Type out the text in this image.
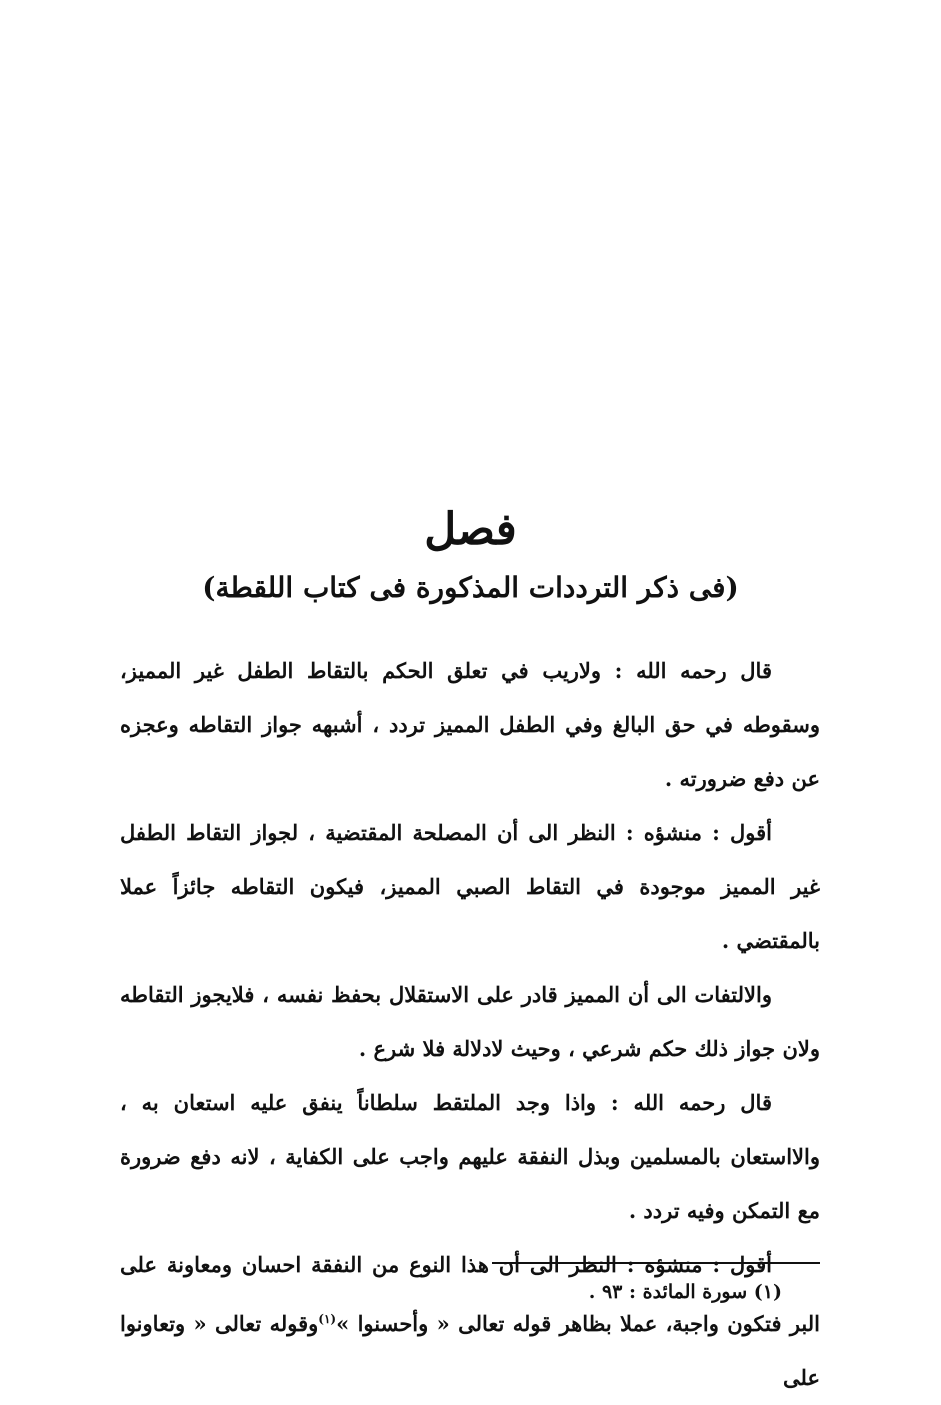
فصل
(فى ذكر الترددات المذكورة فى كتاب اللقطة)

قال رحمه الله : ولاريب في تعلق الحكم بالتقاط الطفل غير المميز، وسقوطه في حق البالغ وفي الطفل المميز تردد ، أشبهه جواز التقاطه وعجزه عن دفع ضرورته .

أقول : منشؤه : النظر الى أن المصلحة المقتضية ، لجواز التقاط الطفل غير المميز موجودة في التقاط الصبي المميز، فيكون التقاطه جائزاً عملا بالمقتضي .

والالتفات الى أن المميز قادر على الاستقلال بحفظ نفسه ، فلايجوز التقاطه ولان جواز ذلك حكم شرعي ، وحيث لادلالة فلا شرع .

قال رحمه الله : واذا وجد الملتقط سلطاناً ينفق عليه استعان به ، والااستعان بالمسلمين وبذل النفقة عليهم واجب على الكفاية ، لانه دفع ضرورة مع التمكن وفيه تردد .

أقول : منشؤه : النظر الى أن هذا النوع من النفقة احسان ومعاونة على البر فتكون واجبة، عملا بظاهر قوله تعالى « وأحسنوا »$^{(١)}$وقوله تعالى « وتعاونوا على

(١) سورة المائدة : ٩٣ .
